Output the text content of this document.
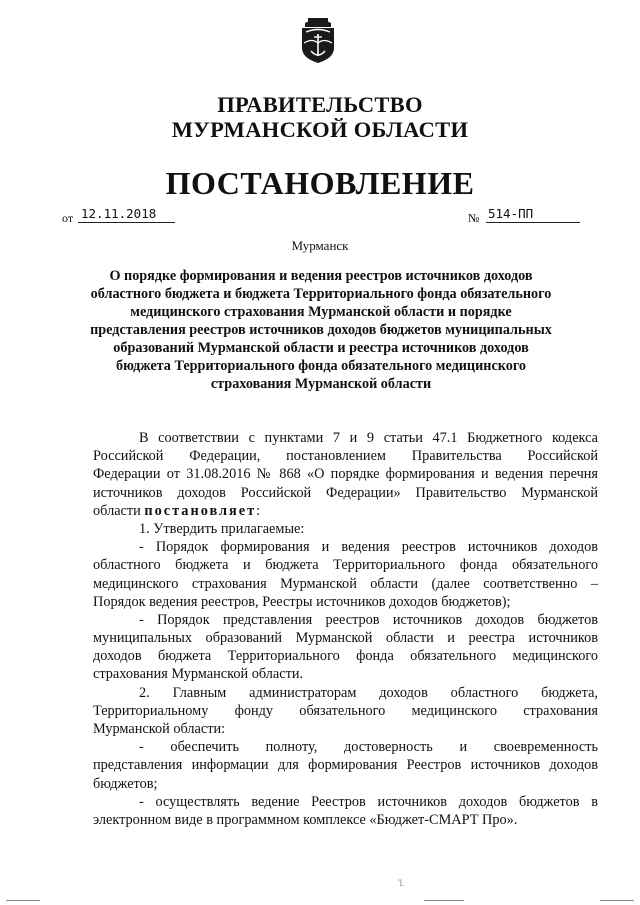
ПРАВИТЕЛЬСТВО
МУРМАНСКОЙ ОБЛАСТИ
ПОСТАНОВЛЕНИЕ
от 12.11.2018	№ 514-ПП
Мурманск
О порядке формирования и ведения реестров источников доходов
областного бюджета и бюджета Территориального фонда обязательного
медицинского страхования Мурманской области и порядке
представления реестров источников доходов бюджетов муниципальных
образований Мурманской области и реестра источников доходов
бюджета Территориального фонда обязательного медицинского
страхования Мурманской области
В соответствии с пунктами 7 и 9 статьи 47.1 Бюджетного кодекса
Российской Федерации, постановлением Правительства Российской
Федерации от 31.08.2016 № 868 «О порядке формирования и ведения перечня
источников доходов Российской Федерации» Правительство Мурманской
области постановляет:
1. Утвердить прилагаемые:
- Порядок формирования и ведения реестров источников доходов
областного бюджета и бюджета Территориального фонда обязательного
медицинского страхования Мурманской области (далее соответственно –
Порядок ведения реестров, Реестры источников доходов бюджетов);
- Порядок представления реестров источников доходов бюджетов
муниципальных образований Мурманской области и реестра источников
доходов бюджета Территориального фонда обязательного медицинского
страхования Мурманской области.
2. Главным администраторам доходов областного бюджета,
Территориальному фонду обязательного медицинского страхования
Мурманской области:
- обеспечить полноту, достоверность и своевременность
представления информации для формирования Реестров источников доходов
бюджетов;
- осуществлять ведение Реестров источников доходов бюджетов в
электронном виде в программном комплексе «Бюджет-СМАРТ Про».
'l.
